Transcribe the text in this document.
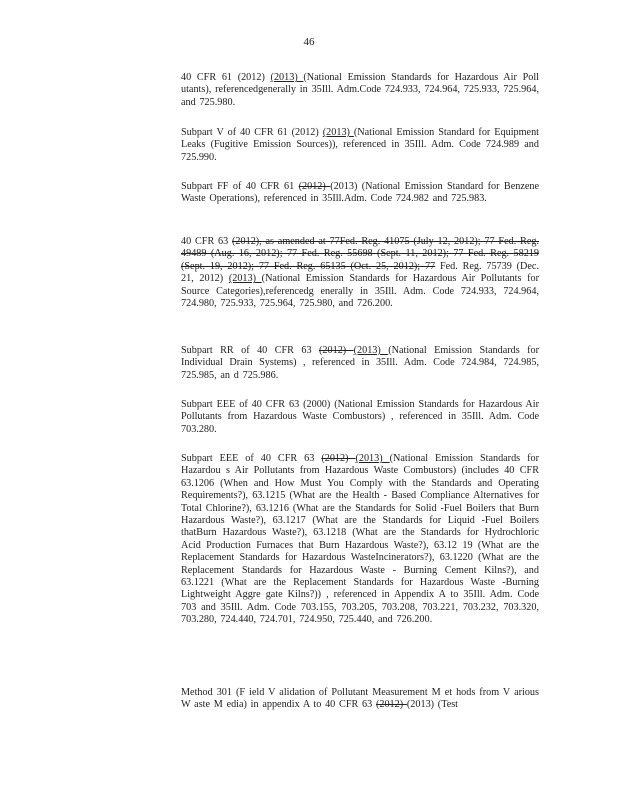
46
40 CFR 61 (2012) (2013) (National Emission Standards for Hazardous Air Poll utants), referencedgenerally in 35Ill. Adm.Code 724.933, 724.964, 725.933, 725.964, and 725.980.
Subpart V of 40 CFR 61 (2012) (2013) (National Emission Standard for Equipment Leaks (Fugitive Emission Sources)), referenced in 35Ill. Adm. Code 724.989 and 725.990.
Subpart FF of 40 CFR 61 (2012) (2013) (National Emission Standard for Benzene Waste Operations), referenced in 35Ill.Adm. Code 724.982 and 725.983.
40 CFR 63 (2012), as amended at 77Fed. Reg. 41075 (July 12, 2012); 77 Fed. Reg. 49489 (Aug. 16, 2012); 77 Fed. Reg. 55698 (Sept. 11, 2012); 77 Fed. Reg. 58219 (Sept. 19, 2012); 77 Fed. Reg. 65135 (Oct. 25, 2012); 77 Fed. Reg. 75739 (Dec. 21, 2012) (2013) (National Emission Standards for Hazardous Air Pollutants for Source Categories),referencedg enerally in 35Ill. Adm. Code 724.933, 724.964, 724.980, 725.933, 725.964, 725.980, and 726.200.
Subpart RR of 40 CFR 63 (2012) (2013) (National Emission Standards for Individual Drain Systems) , referenced in 35Ill. Adm. Code 724.984, 724.985, 725.985, an d 725.986.
Subpart EEE of 40 CFR 63 (2000) (National Emission Standards for Hazardous Air Pollutants from Hazardous Waste Combustors) , referenced in 35Ill. Adm. Code 703.280.
Subpart EEE of 40 CFR 63 (2012) (2013) (National Emission Standards for Hazardou s Air Pollutants from Hazardous Waste Combustors) (includes 40 CFR 63.1206 (When and How Must You Comply with the Standards and Operating Requirements?), 63.1215 (What are the Health - Based Compliance Alternatives for Total Chlorine?), 63.1216 (What are the Standards for Solid -Fuel Boilers that Burn Hazardous Waste?), 63.1217 (What are the Standards for Liquid -Fuel Boilers thatBurn Hazardous Waste?), 63.1218 (What are the Standards for Hydrochloric Acid Production Furnaces that Burn Hazardous Waste?), 63.12 19 (What are the Replacement Standards for Hazardous WasteIncinerators?), 63.1220 (What are the Replacement Standards for Hazardous Waste - Burning Cement Kilns?), and 63.1221 (What are the Replacement Standards for Hazardous Waste -Burning Lightweight Aggre gate Kilns?)) , referenced in Appendix A to 35Ill. Adm. Code 703 and 35Ill. Adm. Code 703.155, 703.205, 703.208, 703.221, 703.232, 703.320, 703.280, 724.440, 724.701, 724.950, 725.440, and 726.200.
Method 301 (F ield V alidation of Pollutant Measurement M et hods from V arious W aste M edia) in appendix A to 40 CFR 63 (2012) (2013) (Test
